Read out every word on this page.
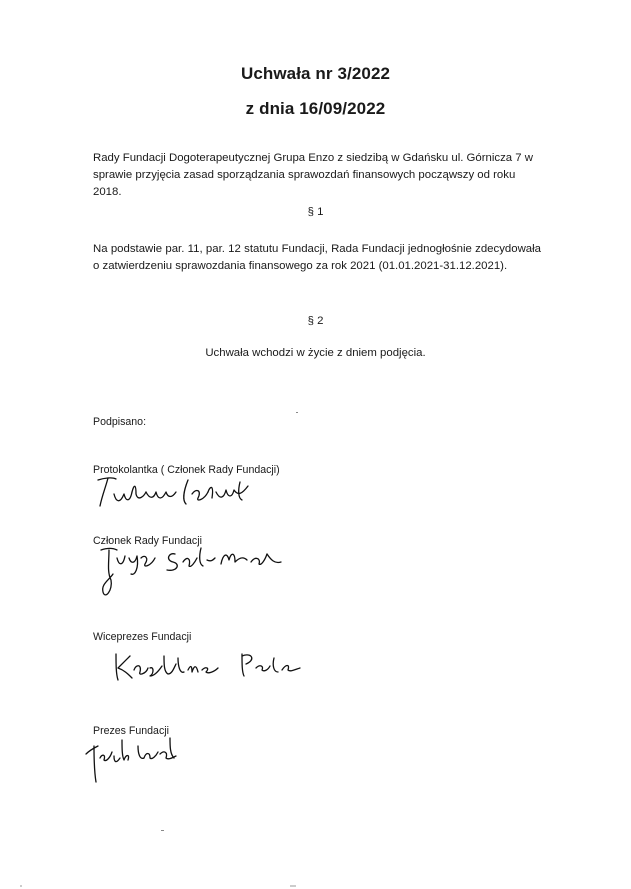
Uchwała nr 3/2022
z dnia 16/09/2022
Rady Fundacji Dogoterapeutycznej Grupa Enzo z siedzibą w Gdańsku ul. Górnicza 7 w sprawie przyjęcia zasad sporządzania sprawozdań finansowych począwszy od roku 2018.
§ 1
Na podstawie par. 11, par. 12 statutu Fundacji, Rada Fundacji jednogłośnie zdecydowała o zatwierdzeniu sprawozdania finansowego za rok 2021 (01.01.2021-31.12.2021).
§ 2
Uchwała wchodzi w życie z dniem podjęcia.
Podpisano:
Protokolantka ( Członek Rady Fundacji)
Członek Rady Fundacji
Wiceprezes Fundacji
Prezes Fundacji
